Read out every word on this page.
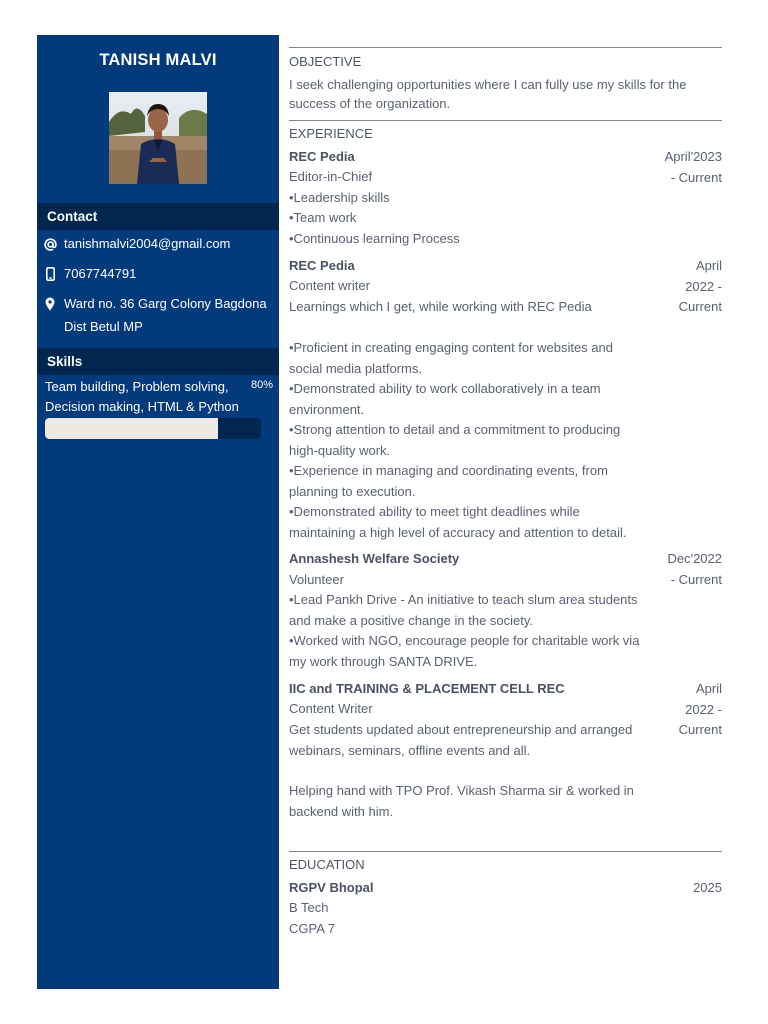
TANISH MALVI
Contact
tanishmalvi2004@gmail.com
7067744791
Ward no. 36 Garg Colony Bagdona
Dist Betul MP
Skills
Team building, Problem solving,
Decision making, HTML & Python
80%
OBJECTIVE
I seek challenging opportunities where I can fully use my skills for the
success of the organization.
EXPERIENCE
REC Pedia	April'2023
- Current
Editor-in-Chief
•Leadership skills
•Team work
•Continuous learning Process
REC Pedia	April
2022 -
Current
Content writer
Learnings which I get, while working with REC Pedia
•Proficient in creating engaging content for websites and
social media platforms.
•Demonstrated ability to work collaboratively in a team
environment.
•Strong attention to detail and a commitment to producing
high-quality work.
•Experience in managing and coordinating events, from
planning to execution.
•Demonstrated ability to meet tight deadlines while
maintaining a high level of accuracy and attention to detail.
Annashesh Welfare Society	Dec'2022
- Current
Volunteer
•Lead Pankh Drive - An initiative to teach slum area students
and make a positive change in the society.
•Worked with NGO, encourage people for charitable work via
my work through SANTA DRIVE.
IIC and TRAINING & PLACEMENT CELL REC	April
2022 -
Current
Content Writer
Get students updated about entrepreneurship and arranged
webinars, seminars, offline events and all.
Helping hand with TPO Prof. Vikash Sharma sir & worked in
backend with him.
EDUCATION
RGPV Bhopal	2025
B Tech
CGPA 7
